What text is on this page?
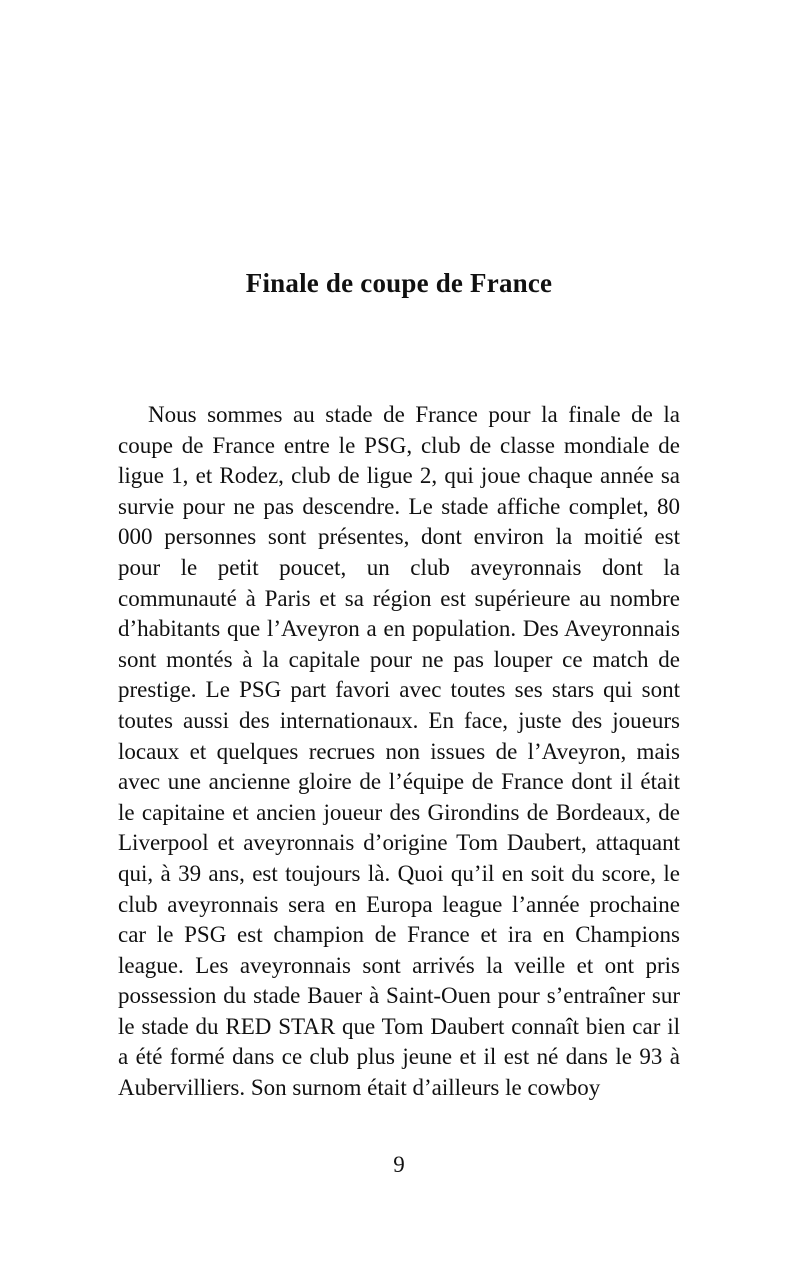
Finale de coupe de France

Nous sommes au stade de France pour la finale de la coupe de France entre le PSG, club de classe mondiale de ligue 1, et Rodez, club de ligue 2, qui joue chaque année sa survie pour ne pas descendre. Le stade affiche complet, 80 000 personnes sont présentes, dont environ la moitié est pour le petit poucet, un club aveyronnais dont la communauté à Paris et sa région est supérieure au nombre d’habitants que l’Aveyron a en population. Des Aveyronnais sont montés à la capitale pour ne pas louper ce match de prestige. Le PSG part favori avec toutes ses stars qui sont toutes aussi des internationaux. En face, juste des joueurs locaux et quelques recrues non issues de l’Aveyron, mais avec une ancienne gloire de l’équipe de France dont il était le capitaine et ancien joueur des Girondins de Bordeaux, de Liverpool et aveyronnais d’origine Tom Daubert, attaquant qui, à 39 ans, est toujours là. Quoi qu’il en soit du score, le club aveyronnais sera en Europa league l’année prochaine car le PSG est champion de France et ira en Champions league. Les aveyronnais sont arrivés la veille et ont pris possession du stade Bauer à Saint-Ouen pour s’entraîner sur le stade du RED STAR que Tom Daubert connaît bien car il a été formé dans ce club plus jeune et il est né dans le 93 à Aubervilliers. Son surnom était d’ailleurs le cowboy

9
